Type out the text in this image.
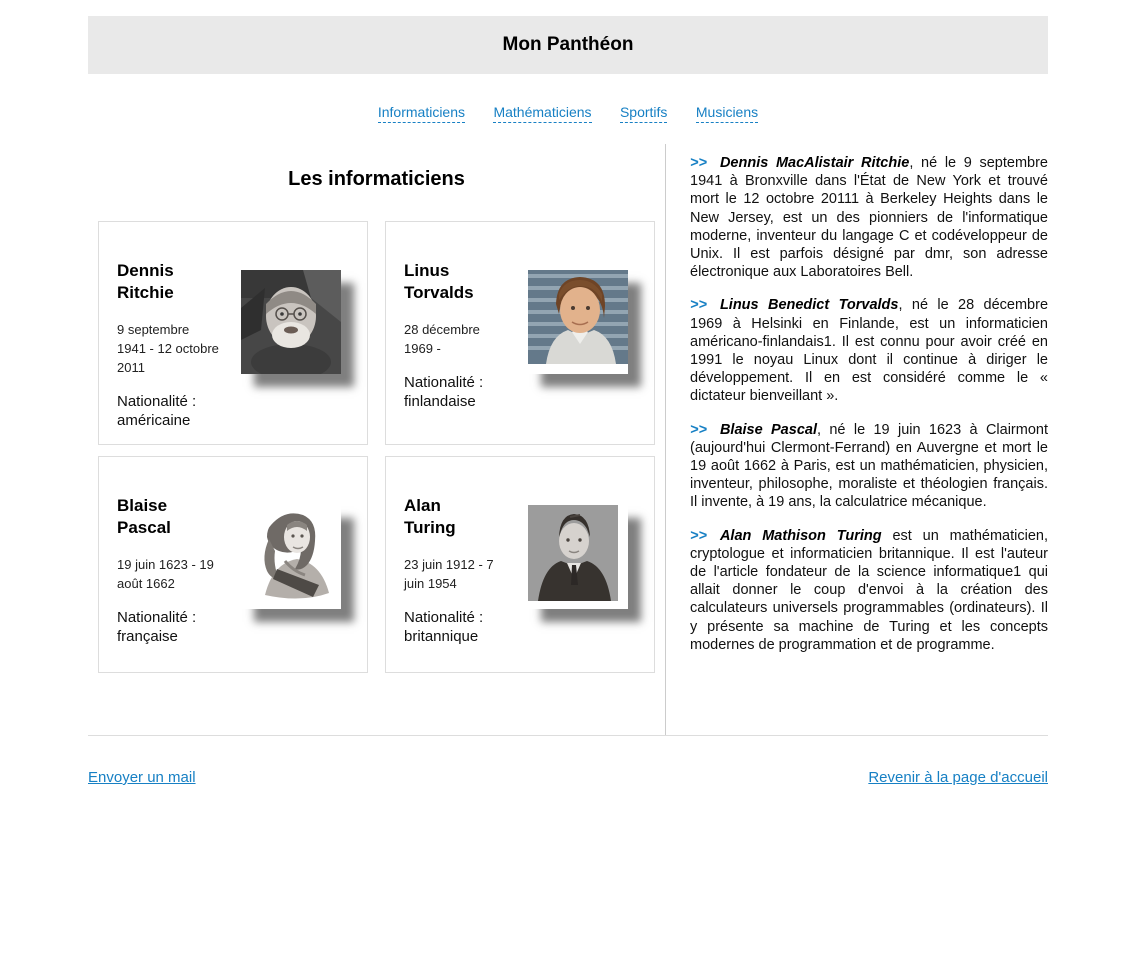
Mon Panthéon
Informaticiens Mathématiciens Sportifs Musiciens
Les informaticiens
Dennis Ritchie
9 septembre 1941 - 12 octobre 2011
Nationalité : américaine
Linus Torvalds
28 décembre 1969 -
Nationalité : finlandaise
Blaise Pascal
19 juin 1623 - 19 août 1662
Nationalité : française
Alan Turing
23 juin 1912 - 7 juin 1954
Nationalité : britannique

>> Dennis MacAlistair Ritchie, né le 9 septembre 1941 à Bronxville dans l'État de New York et trouvé mort le 12 octobre 20111 à Berkeley Heights dans le New Jersey, est un des pionniers de l'informatique moderne, inventeur du langage C et codéveloppeur de Unix. Il est parfois désigné par dmr, son adresse électronique aux Laboratoires Bell.

>> Linus Benedict Torvalds, né le 28 décembre 1969 à Helsinki en Finlande, est un informaticien américano-finlandais1. Il est connu pour avoir créé en 1991 le noyau Linux dont il continue à diriger le développement. Il en est considéré comme le « dictateur bienveillant ».

>> Blaise Pascal, né le 19 juin 1623 à Clairmont (aujourd'hui Clermont-Ferrand) en Auvergne et mort le 19 août 1662 à Paris, est un mathématicien, physicien, inventeur, philosophe, moraliste et théologien français. Il invente, à 19 ans, la calculatrice mécanique.

>> Alan Mathison Turing est un mathématicien, cryptologue et informaticien britannique. Il est l'auteur de l'article fondateur de la science informatique1 qui allait donner le coup d'envoi à la création des calculateurs universels programmables (ordinateurs). Il y présente sa machine de Turing et les concepts modernes de programmation et de programme.

Envoyer un mail	Revenir à la page d'accueil
